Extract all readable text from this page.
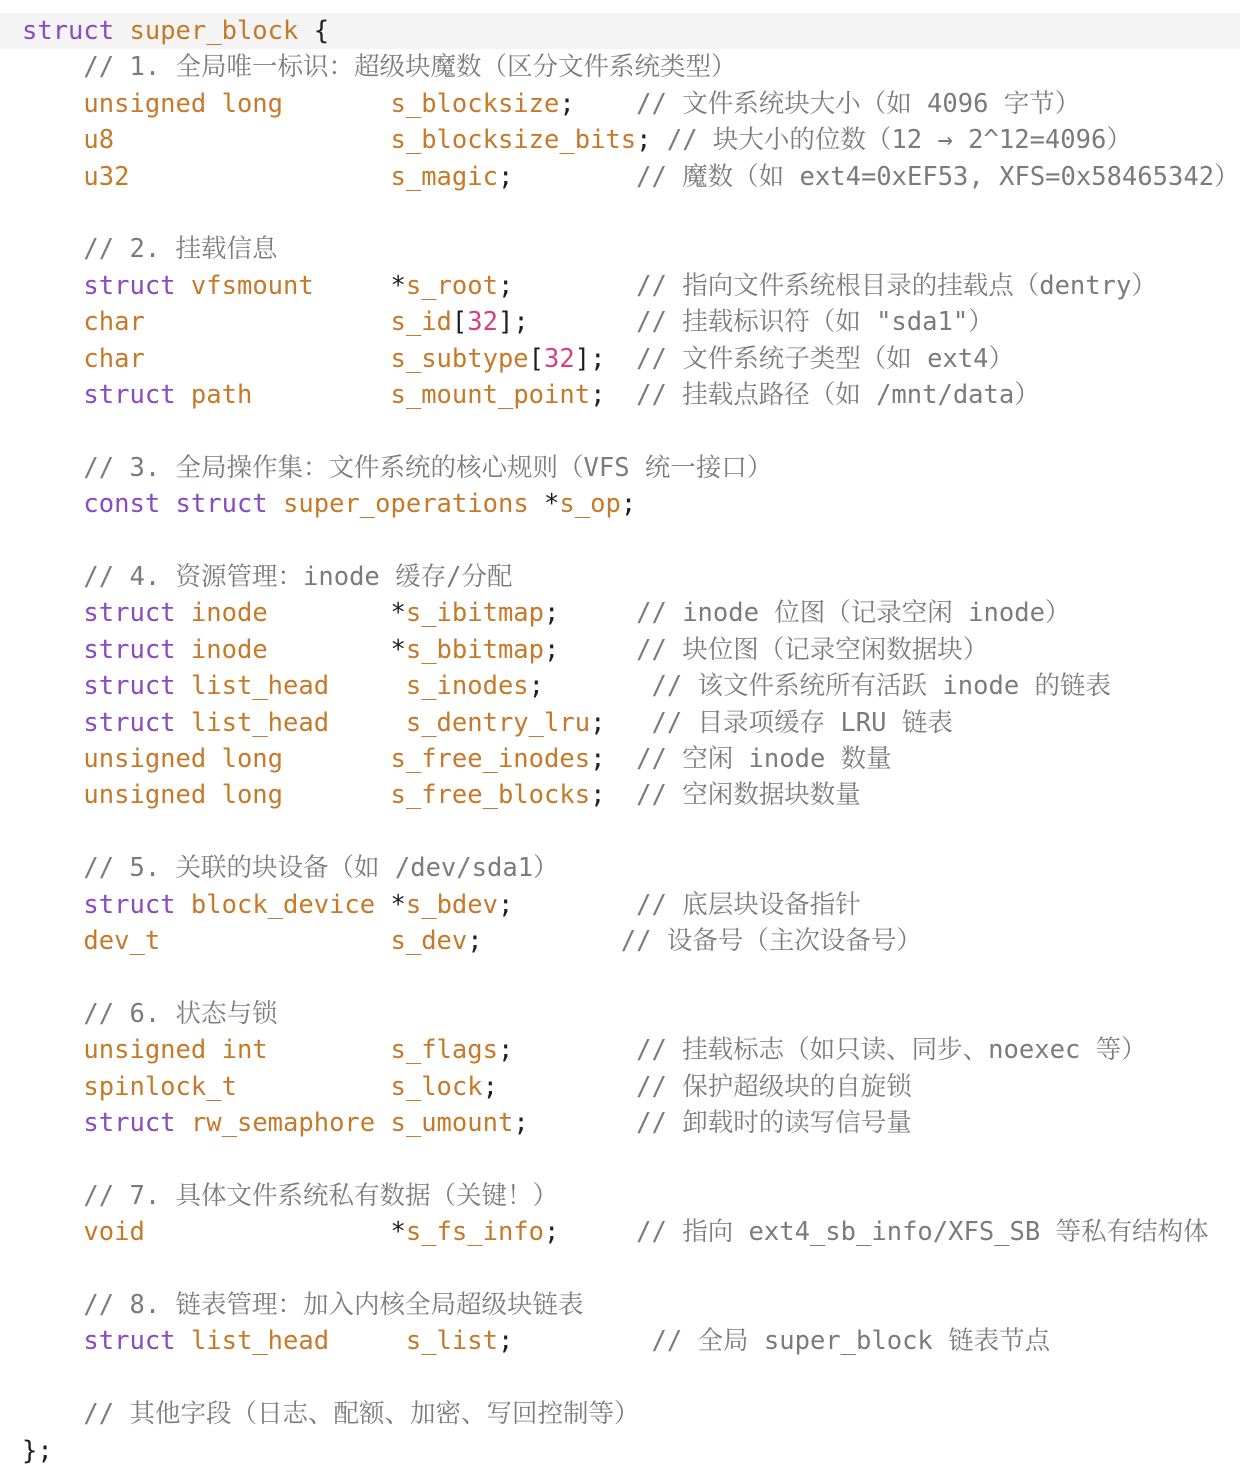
struct super_block {
// 1. 全局唯一标识：超级块魔数（区分文件系统类型）
unsigned long	s_blocksize;    // 文件系统块大小（如 4096 字节）
u8	s_blocksize_bits; // 块大小的位数（12 → 2^12=4096）
u32	s_magic;        // 魔数（如 ext4=0xEF53, XFS=0x58465342）
// 2. 挂载信息
struct vfsmount     *s_root;        // 指向文件系统根目录的挂载点（dentry）
char	s_id[32];       // 挂载标识符（如 "sda1"）
char	s_subtype[32];  // 文件系统子类型（如 ext4）
struct path	s_mount_point;  // 挂载点路径（如 /mnt/data）
// 3. 全局操作集：文件系统的核心规则（VFS 统一接口）
const struct super_operations *s_op;
// 4. 资源管理：inode 缓存/分配
struct inode        *s_ibitmap;     // inode 位图（记录空闲 inode）
struct inode        *s_bbitmap;     // 块位图（记录空闲数据块）
struct list_head	s_inodes;       // 该文件系统所有活跃 inode 的链表
struct list_head	s_dentry_lru;   // 目录项缓存 LRU 链表
unsigned long	s_free_inodes;  // 空闲 inode 数量
unsigned long	s_free_blocks;  // 空闲数据块数量
// 5. 关联的块设备（如 /dev/sda1）
struct block_device *s_bdev;        // 底层块设备指针
dev_t	s_dev;         // 设备号（主次设备号）
// 6. 状态与锁
unsigned int	s_flags;        // 挂载标志（如只读、同步、noexec 等）
spinlock_t	s_lock;         // 保护超级块的自旋锁
struct rw_semaphore s_umount;       // 卸载时的读写信号量
// 7. 具体文件系统私有数据（关键！）
void                *s_fs_info;     // 指向 ext4_sb_info/XFS_SB 等私有结构体
// 8. 链表管理：加入内核全局超级块链表
struct list_head	s_list;         // 全局 super_block 链表节点
// 其他字段（日志、配额、加密、写回控制等）
};
